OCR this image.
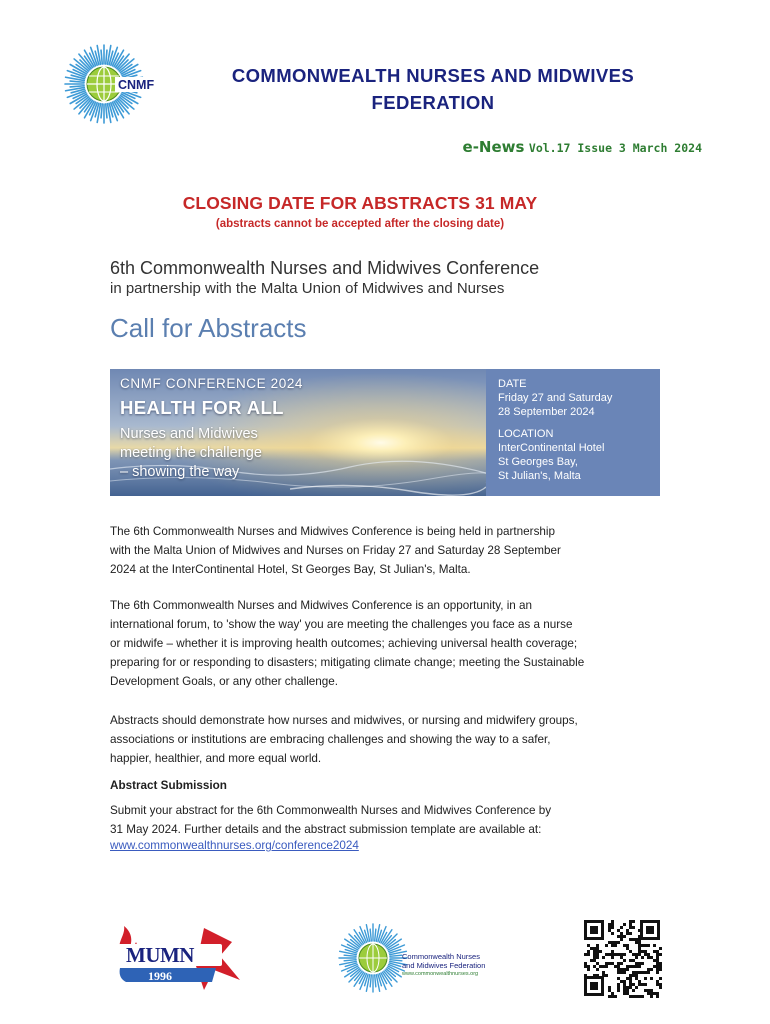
CNMF	COMMONWEALTH NURSES AND MIDWIVES
FEDERATION
e-News Vol.17 Issue 3 March 2024
CLOSING DATE FOR ABSTRACTS 31 MAY
(abstracts cannot be accepted after the closing date)
6th Commonwealth Nurses and Midwives Conference
in partnership with the Malta Union of Midwives and Nurses
Call for Abstracts
CNMF CONFERENCE 2024
HEALTH FOR ALL
Nurses and Midwives
meeting the challenge
– showing the way
DATE
Friday 27 and Saturday
28 September 2024
LOCATION
InterContinental Hotel
St Georges Bay,
St Julian's, Malta
The 6th Commonwealth Nurses and Midwives Conference is being held in partnership
with the Malta Union of Midwives and Nurses on Friday 27 and Saturday 28 September
2024 at the InterContinental Hotel, St Georges Bay, St Julian's, Malta.
The 6th Commonwealth Nurses and Midwives Conference is an opportunity, in an
international forum, to 'show the way' you are meeting the challenges you face as a nurse
or midwife – whether it is improving health outcomes; achieving universal health coverage;
preparing for or responding to disasters; mitigating climate change; meeting the Sustainable
Development Goals, or any other challenge.
Abstracts should demonstrate how nurses and midwives, or nursing and midwifery groups,
associations or institutions are embracing challenges and showing the way to a safer,
happier, healthier, and more equal world.
Abstract Submission
Submit your abstract for the 6th Commonwealth Nurses and Midwives Conference by
31 May 2024. Further details and the abstract submission template are available at:
www.commonwealthnurses.org/conference2024
MUMN
1996
Commonwealth Nurses
and Midwives Federation
www.commonwealthnurses.org
